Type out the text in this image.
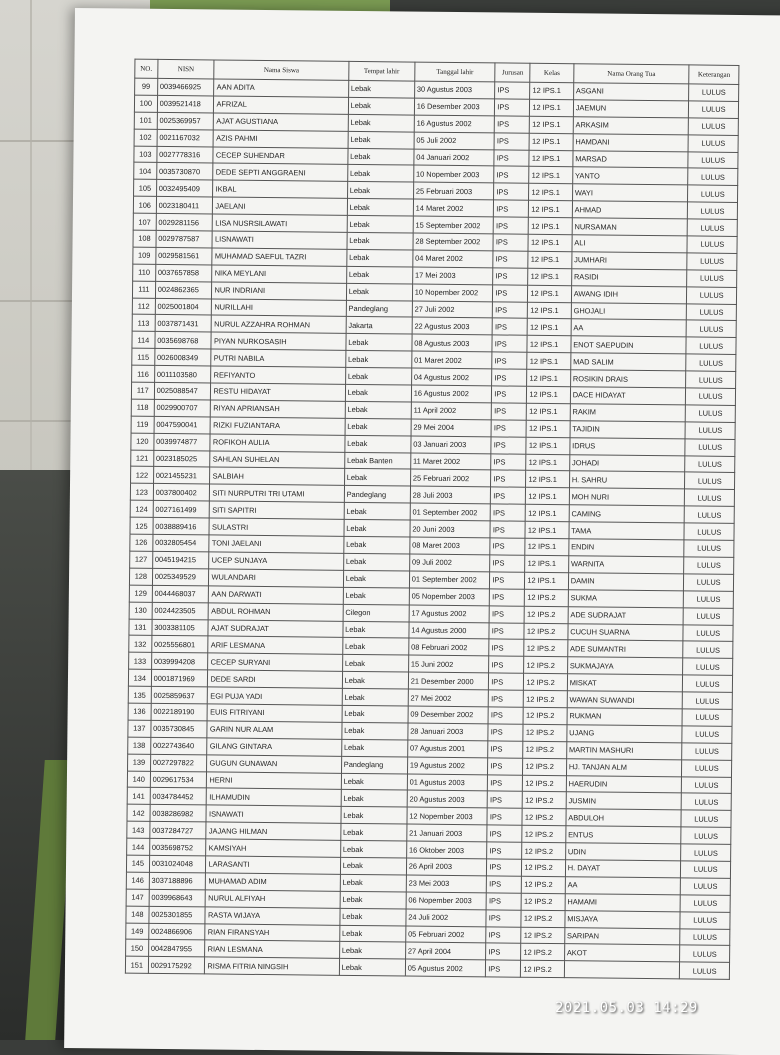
NO.	NISN	Nama Siswa	Tempat lahir	Tanggal lahir	Jurusan	Kelas	Nama Orang Tua	Keterangan
99	0039466925	AAN ADITA	Lebak	30 Agustus 2003	IPS	12 IPS.1	ASGANI	LULUS
100	0039521418	AFRIZAL	Lebak	16 Desember 2003	IPS	12 IPS.1	JAEMUN	LULUS
101	0025369957	AJAT AGUSTIANA	Lebak	16 Agustus 2002	IPS	12 IPS.1	ARKASIM	LULUS
102	0021167032	AZIS PAHMI	Lebak	05 Juli 2002	IPS	12 IPS.1	HAMDANI	LULUS
103	0027778316	CECEP SUHENDAR	Lebak	04 Januari 2002	IPS	12 IPS.1	MARSAD	LULUS
104	0035730870	DEDE SEPTI ANGGRAENI	Lebak	10 Nopember 2003	IPS	12 IPS.1	YANTO	LULUS
105	0032495409	IKBAL	Lebak	25 Februari 2003	IPS	12 IPS.1	WAYI	LULUS
106	0023180411	JAELANI	Lebak	14 Maret 2002	IPS	12 IPS.1	AHMAD	LULUS
107	0029281156	LISA NUSRSILAWATI	Lebak	15 September 2002	IPS	12 IPS.1	NURSAMAN	LULUS
108	0029787587	LISNAWATI	Lebak	28 September 2002	IPS	12 IPS.1	ALI	LULUS
109	0029581561	MUHAMAD SAEFUL TAZRI	Lebak	04 Maret 2002	IPS	12 IPS.1	JUMHARI	LULUS
110	0037657858	NIKA MEYLANI	Lebak	17 Mei 2003	IPS	12 IPS.1	RASIDI	LULUS
111	0024862365	NUR INDRIANI	Lebak	10 Nopember 2002	IPS	12 IPS.1	AWANG IDIH	LULUS
112	0025001804	NURILLAHI	Pandeglang	27 Juli 2002	IPS	12 IPS.1	GHOJALI	LULUS
113	0037871431	NURUL AZZAHRA ROHMAN	Jakarta	22 Agustus 2003	IPS	12 IPS.1	AA	LULUS
114	0035698768	PIYAN NURKOSASIH	Lebak	08 Agustus 2003	IPS	12 IPS.1	ENOT SAEPUDIN	LULUS
115	0026008349	PUTRI NABILA	Lebak	01 Maret 2002	IPS	12 IPS.1	MAD SALIM	LULUS
116	0011103580	REFIYANTO	Lebak	04 Agustus 2002	IPS	12 IPS.1	ROSIKIN DRAIS	LULUS
117	0025088547	RESTU HIDAYAT	Lebak	16 Agustus 2002	IPS	12 IPS.1	DACE HIDAYAT	LULUS
118	0029900707	RIYAN APRIANSAH	Lebak	11 April 2002	IPS	12 IPS.1	RAKIM	LULUS
119	0047590041	RIZKI FUZIANTARA	Lebak	29 Mei 2004	IPS	12 IPS.1	TAJIDIN	LULUS
120	0039974877	ROFIKOH AULIA	Lebak	03 Januari 2003	IPS	12 IPS.1	IDRUS	LULUS
121	0023185025	SAHLAN SUHELAN	Lebak Banten	11 Maret 2002	IPS	12 IPS.1	JOHADI	LULUS
122	0021455231	SALBIAH	Lebak	25 Februari 2002	IPS	12 IPS.1	H. SAHRU	LULUS
123	0037800402	SITI NURPUTRI TRI UTAMI	Pandeglang	28 Juli 2003	IPS	12 IPS.1	MOH NURI	LULUS
124	0027161499	SITI SAPITRI	Lebak	01 September 2002	IPS	12 IPS.1	CAMING	LULUS
125	0038889416	SULASTRI	Lebak	20 Juni 2003	IPS	12 IPS.1	TAMA	LULUS
126	0032805454	TONI JAELANI	Lebak	08 Maret 2003	IPS	12 IPS.1	ENDIN	LULUS
127	0045194215	UCEP SUNJAYA	Lebak	09 Juli 2002	IPS	12 IPS.1	WARNITA	LULUS
128	0025349529	WULANDARI	Lebak	01 September 2002	IPS	12 IPS.1	DAMIN	LULUS
129	0044468037	AAN DARWATI	Lebak	05 Nopember 2003	IPS	12 IPS.2	SUKMA	LULUS
130	0024423505	ABDUL ROHMAN	Cilegon	17 Agustus 2002	IPS	12 IPS.2	ADE SUDRAJAT	LULUS
131	3003381105	AJAT SUDRAJAT	Lebak	14 Agustus 2000	IPS	12 IPS.2	CUCUH SUARNA	LULUS
132	0025556801	ARIF LESMANA	Lebak	08 Februari 2002	IPS	12 IPS.2	ADE SUMANTRI	LULUS
133	0039994208	CECEP SURYANI	Lebak	15 Juni 2002	IPS	12 IPS.2	SUKMAJAYA	LULUS
134	0001871969	DEDE SARDI	Lebak	21 Desember 2000	IPS	12 IPS.2	MISKAT	LULUS
135	0025859637	EGI PUJA YADI	Lebak	27 Mei 2002	IPS	12 IPS.2	WAWAN SUWANDI	LULUS
136	0022189190	EUIS FITRIYANI	Lebak	09 Desember 2002	IPS	12 IPS.2	RUKMAN	LULUS
137	0035730845	GARIN NUR ALAM	Lebak	28 Januari 2003	IPS	12 IPS.2	UJANG	LULUS
138	0022743640	GILANG GINTARA	Lebak	07 Agustus 2001	IPS	12 IPS.2	MARTIN MASHURI	LULUS
139	0027297822	GUGUN GUNAWAN	Pandeglang	19 Agustus 2002	IPS	12 IPS.2	HJ. TANJAN ALM	LULUS
140	0029617534	HERNI	Lebak	01 Agustus 2003	IPS	12 IPS.2	HAERUDIN	LULUS
141	0034784452	ILHAMUDIN	Lebak	20 Agustus 2003	IPS	12 IPS.2	JUSMIN	LULUS
142	0038286982	ISNAWATI	Lebak	12 Nopember 2003	IPS	12 IPS.2	ABDULOH	LULUS
143	0037284727	JAJANG HILMAN	Lebak	21 Januari 2003	IPS	12 IPS.2	ENTUS	LULUS
144	0035698752	KAMSIYAH	Lebak	16 Oktober 2003	IPS	12 IPS.2	UDIN	LULUS
145	0031024048	LARASANTI	Lebak	26 April 2003	IPS	12 IPS.2	H. DAYAT	LULUS
146	3037188896	MUHAMAD ADIM	Lebak	23 Mei 2003	IPS	12 IPS.2	AA	LULUS
147	0039968643	NURUL ALFIYAH	Lebak	06 Nopember 2003	IPS	12 IPS.2	HAMAMI	LULUS
148	0025301855	RASTA WIJAYA	Lebak	24 Juli 2002	IPS	12 IPS.2	MISJAYA	LULUS
149	0024866906	RIAN FIRANSYAH	Lebak	05 Februari 2002	IPS	12 IPS.2	SARIPAN	LULUS
150	0042847955	RIAN LESMANA	Lebak	27 April 2004	IPS	12 IPS.2	AKOT	LULUS
151	0029175292	RISMA FITRIA NINGSIH	Lebak	05 Agustus 2002	IPS	12 IPS.2		LULUS
2021.05.03 14:29
